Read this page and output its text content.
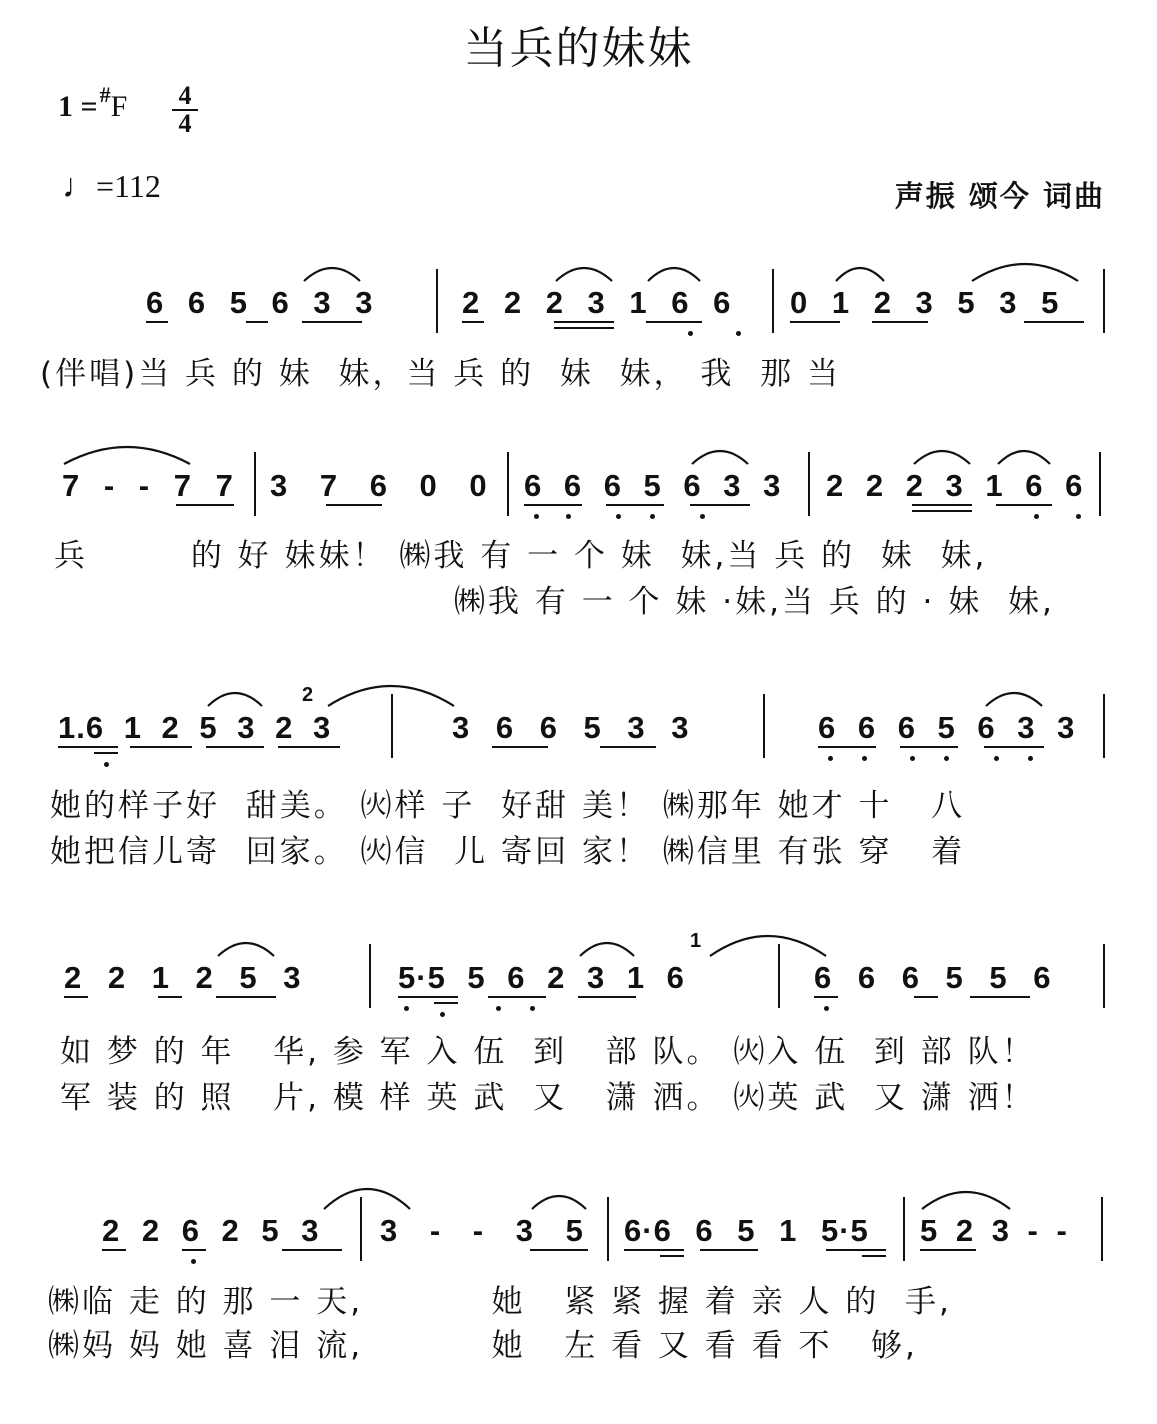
当兵的妹妹
1 =#F 4
4
♩=112	声振 颂今 词曲
6 6 5 6 3 3	2 2 2 3 1 6 6 0 1 2 3 5 3 5
(伴唱)当 兵 的 妹  妹，当 兵 的  妹  妹， 我  那 当
7 - - 7 7 3 7 6 0 0 6 6 6 5 6 3 3 2 2 2 3 1 6 6
兵        的 好 妹妹！ ㈱我 有 一 个 妹  妹,当 兵 的  妹  妹,
㈱我 有 一 个 妹 ·妹,当 兵 的 · 妹  妹,
1.6 1 2 5 3 2 3
2
3 6 6 5 3 3	6 6 6 5 6 3 3
她的样子好  甜美。 ㈫样 子  好甜 美！ ㈱那年 她才 十   八
她把信儿寄  回家。 ㈫信  儿 寄回 家！ ㈱信里 有张 穿   着
2 2 1 2 5 3	5·5 5 6 2 3 1 6
1
6 6 6 5 5 6
如 梦 的 年   华, 参 军 入 伍  到   部 队。 ㈫入 伍  到 部 队！
军 装 的 照   片, 模 样 英 武  又   潇 洒。 ㈫英 武  又 潇 洒！
2 2 6 2 5 3 3 - - 3 5 6·6 6 5 1 5·5 5 2 3 - -
㈱临 走 的 那 一 天,          她   紧 紧 握 着 亲 人 的  手,
㈱妈 妈 她 喜 泪 流,          她   左 看 又 看 看 不   够,
